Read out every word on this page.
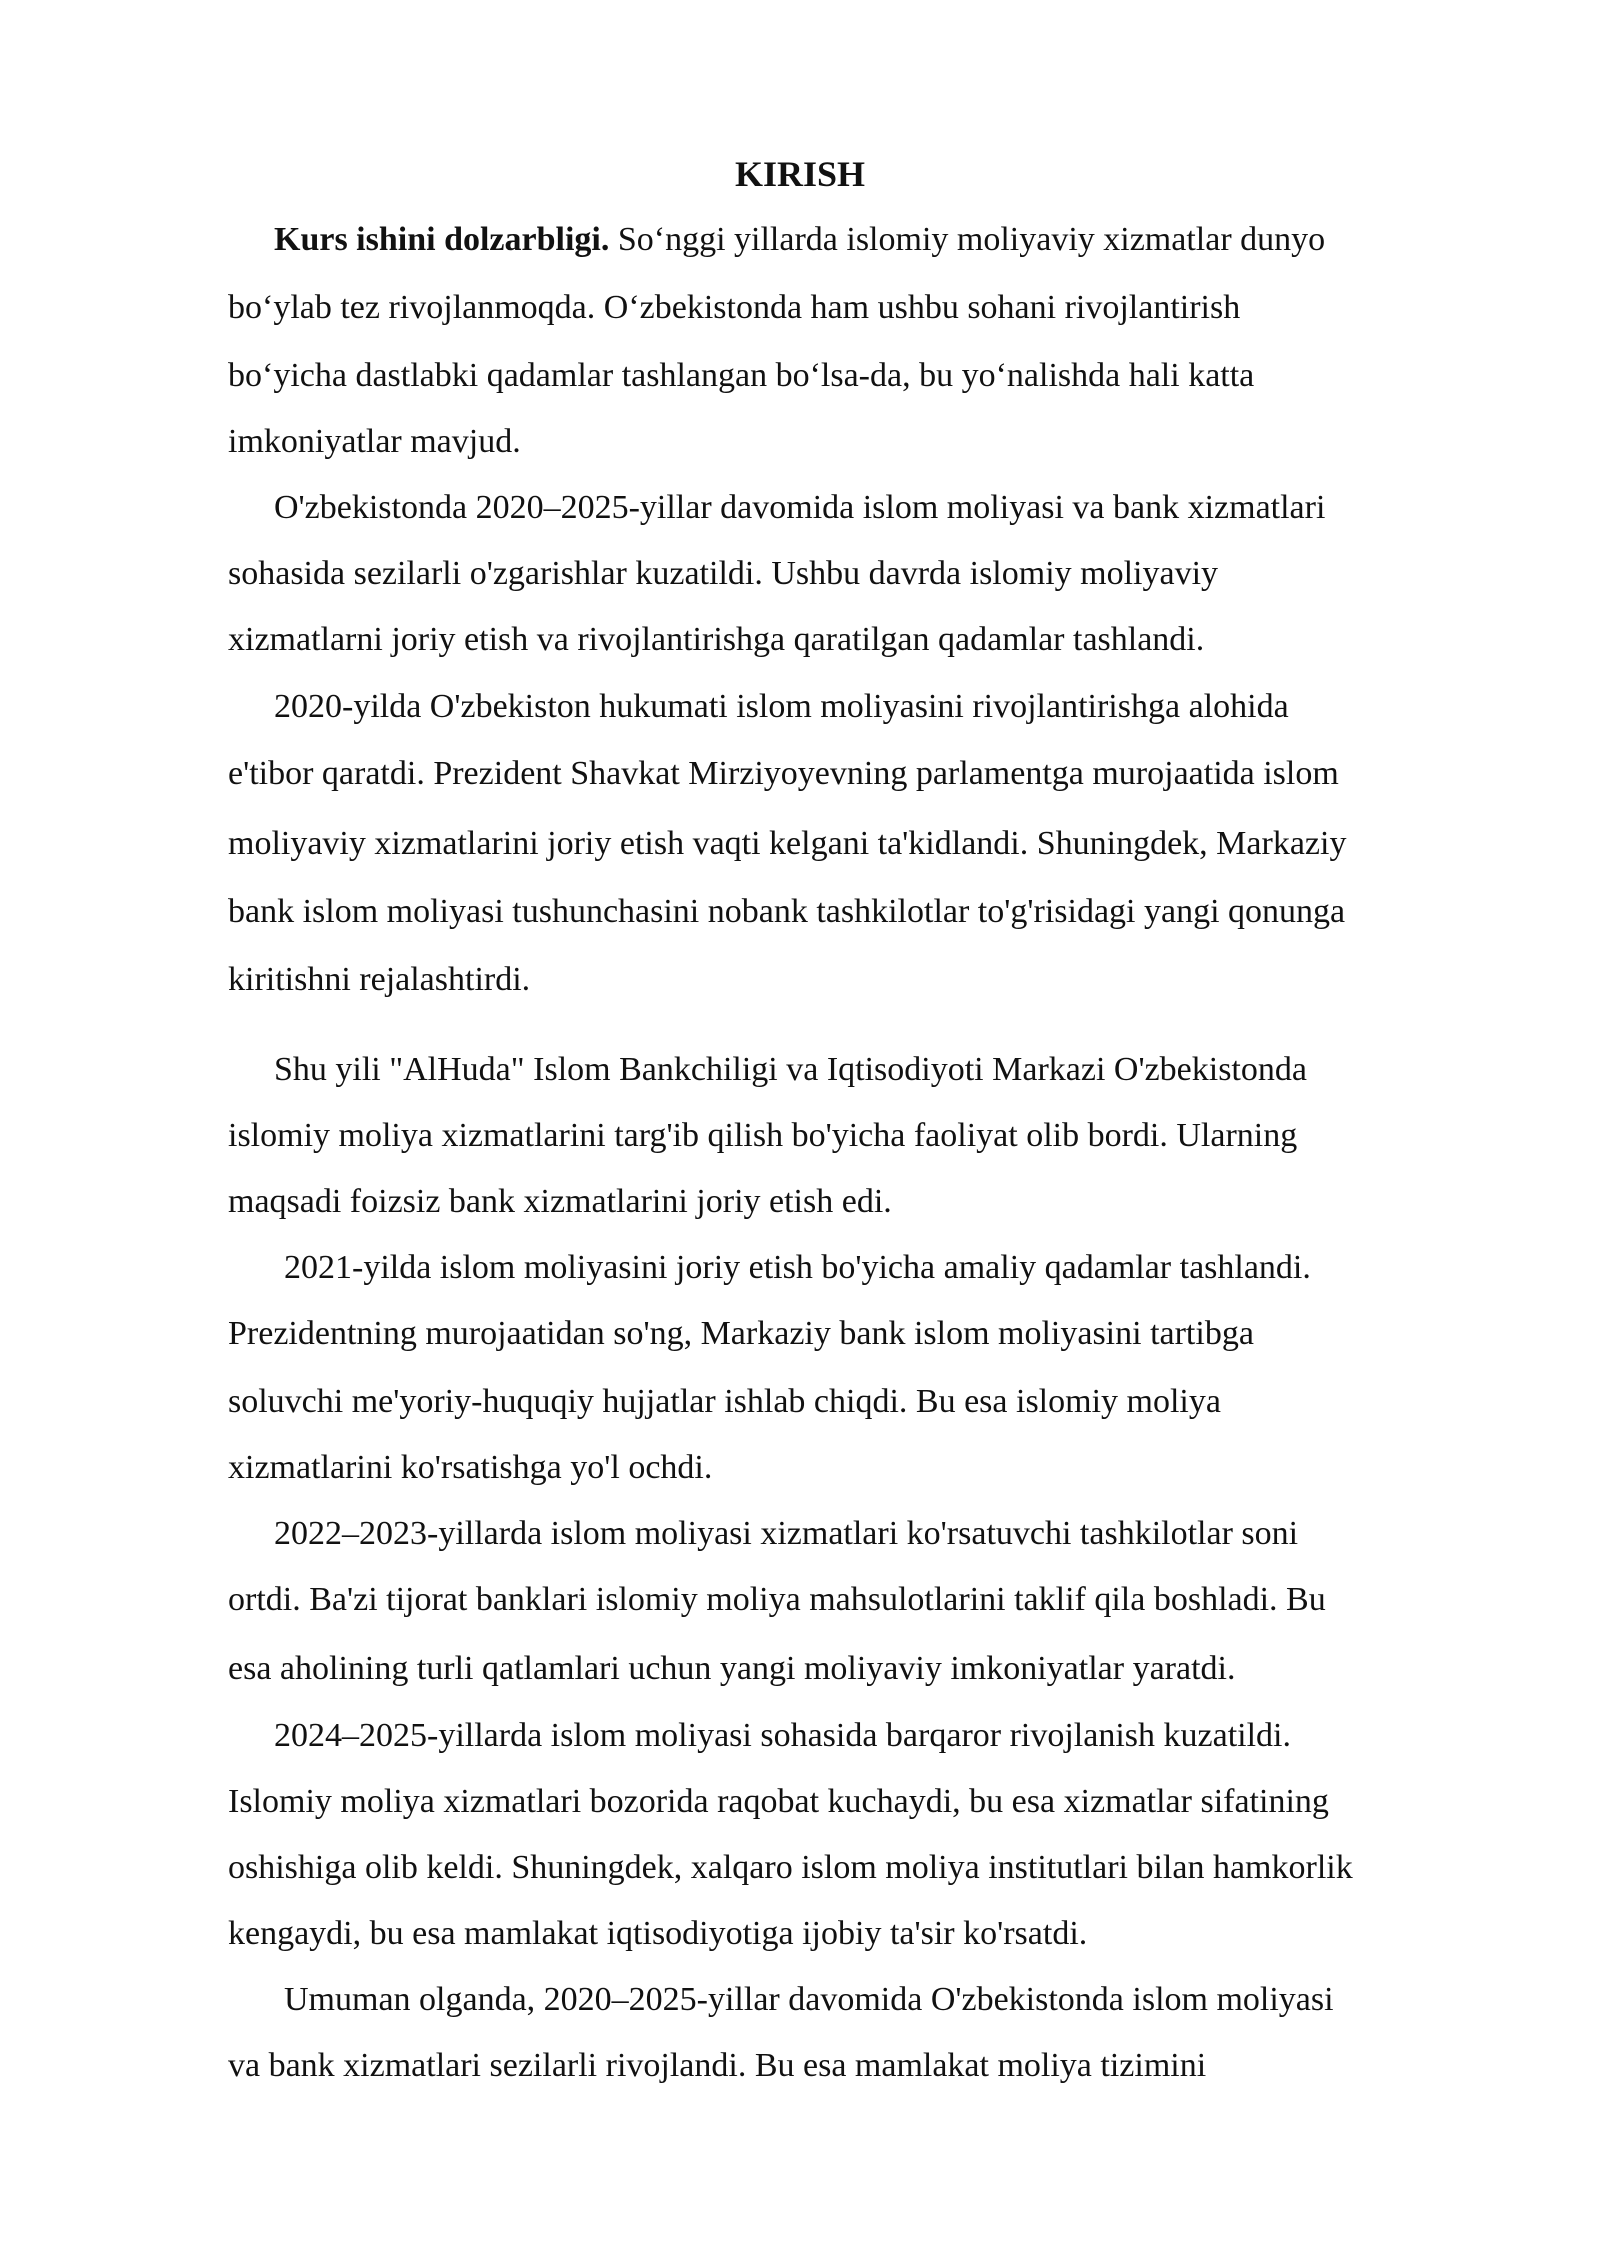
KIRISH

Kurs ishini dolzarbligi. So‘nggi yillarda islomiy moliyaviy xizmatlar dunyo

bo‘ylab tez rivojlanmoqda. O‘zbekistonda ham ushbu sohani rivojlantirish

bo‘yicha dastlabki qadamlar tashlangan bo‘lsa-da, bu yo‘nalishda hali katta

imkoniyatlar mavjud.

O'zbekistonda 2020–2025-yillar davomida islom moliyasi va bank xizmatlari

sohasida sezilarli o'zgarishlar kuzatildi. Ushbu davrda islomiy moliyaviy

xizmatlarni joriy etish va rivojlantirishga qaratilgan qadamlar tashlandi.

2020-yilda O'zbekiston hukumati islom moliyasini rivojlantirishga alohida

e'tibor qaratdi. Prezident Shavkat Mirziyoyevning parlamentga murojaatida islom

moliyaviy xizmatlarini joriy etish vaqti kelgani ta'kidlandi. Shuningdek, Markaziy

bank islom moliyasi tushunchasini nobank tashkilotlar to'g'risidagi yangi qonunga

kiritishni rejalashtirdi.

Shu yili "AlHuda" Islom Bankchiligi va Iqtisodiyoti Markazi O'zbekistonda

islomiy moliya xizmatlarini targ'ib qilish bo'yicha faoliyat olib bordi. Ularning

maqsadi foizsiz bank xizmatlarini joriy etish edi.

2021-yilda islom moliyasini joriy etish bo'yicha amaliy qadamlar tashlandi.

Prezidentning murojaatidan so'ng, Markaziy bank islom moliyasini tartibga

soluvchi me'yoriy-huquqiy hujjatlar ishlab chiqdi. Bu esa islomiy moliya

xizmatlarini ko'rsatishga yo'l ochdi.

2022–2023-yillarda islom moliyasi xizmatlari ko'rsatuvchi tashkilotlar soni

ortdi. Ba'zi tijorat banklari islomiy moliya mahsulotlarini taklif qila boshladi. Bu

esa aholining turli qatlamlari uchun yangi moliyaviy imkoniyatlar yaratdi.

2024–2025-yillarda islom moliyasi sohasida barqaror rivojlanish kuzatildi.

Islomiy moliya xizmatlari bozorida raqobat kuchaydi, bu esa xizmatlar sifatining

oshishiga olib keldi. Shuningdek, xalqaro islom moliya institutlari bilan hamkorlik

kengaydi, bu esa mamlakat iqtisodiyotiga ijobiy ta'sir ko'rsatdi.

Umuman olganda, 2020–2025-yillar davomida O'zbekistonda islom moliyasi

va bank xizmatlari sezilarli rivojlandi. Bu esa mamlakat moliya tizimini
